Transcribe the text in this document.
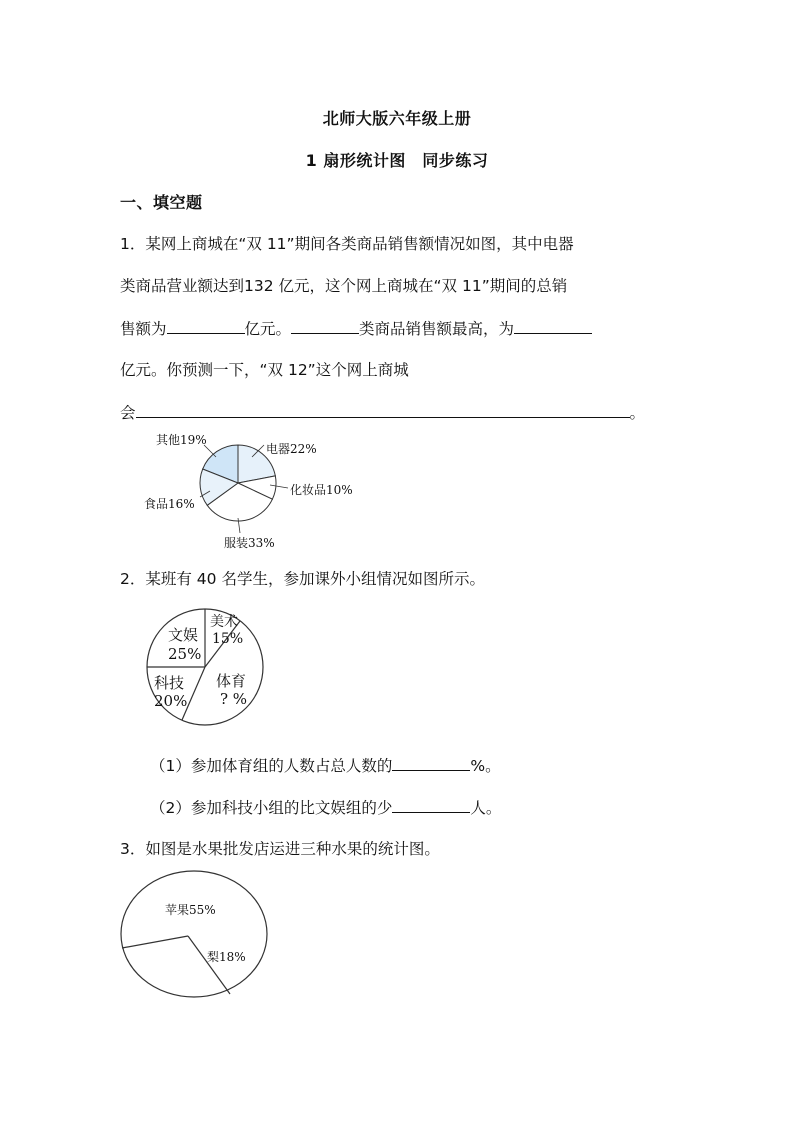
北师大版六年级上册
1 扇形统计图　同步练习
一、填空题
1．某网上商城在“双 11”期间各类商品销售额情况如图，其中电器
类商品营业额达到132 亿元，这个网上商城在“双 11”期间的总销
售额为	亿元。	类商品销售额最高，为
亿元。你预测一下，“双 12”这个网上商城
会	。
其他19%
电器22%
化妆品10%
服装33%
食品16%
2．某班有 40 名学生，参加课外小组情况如图所示。
美术
15%
文娱
25%
科技
20%
体育
? %
（1）参加体育组的人数占总人数的	%。
（2）参加科技小组的比文娱组的少	人。
3．如图是水果批发店运进三种水果的统计图。
苹果55%
梨18%
